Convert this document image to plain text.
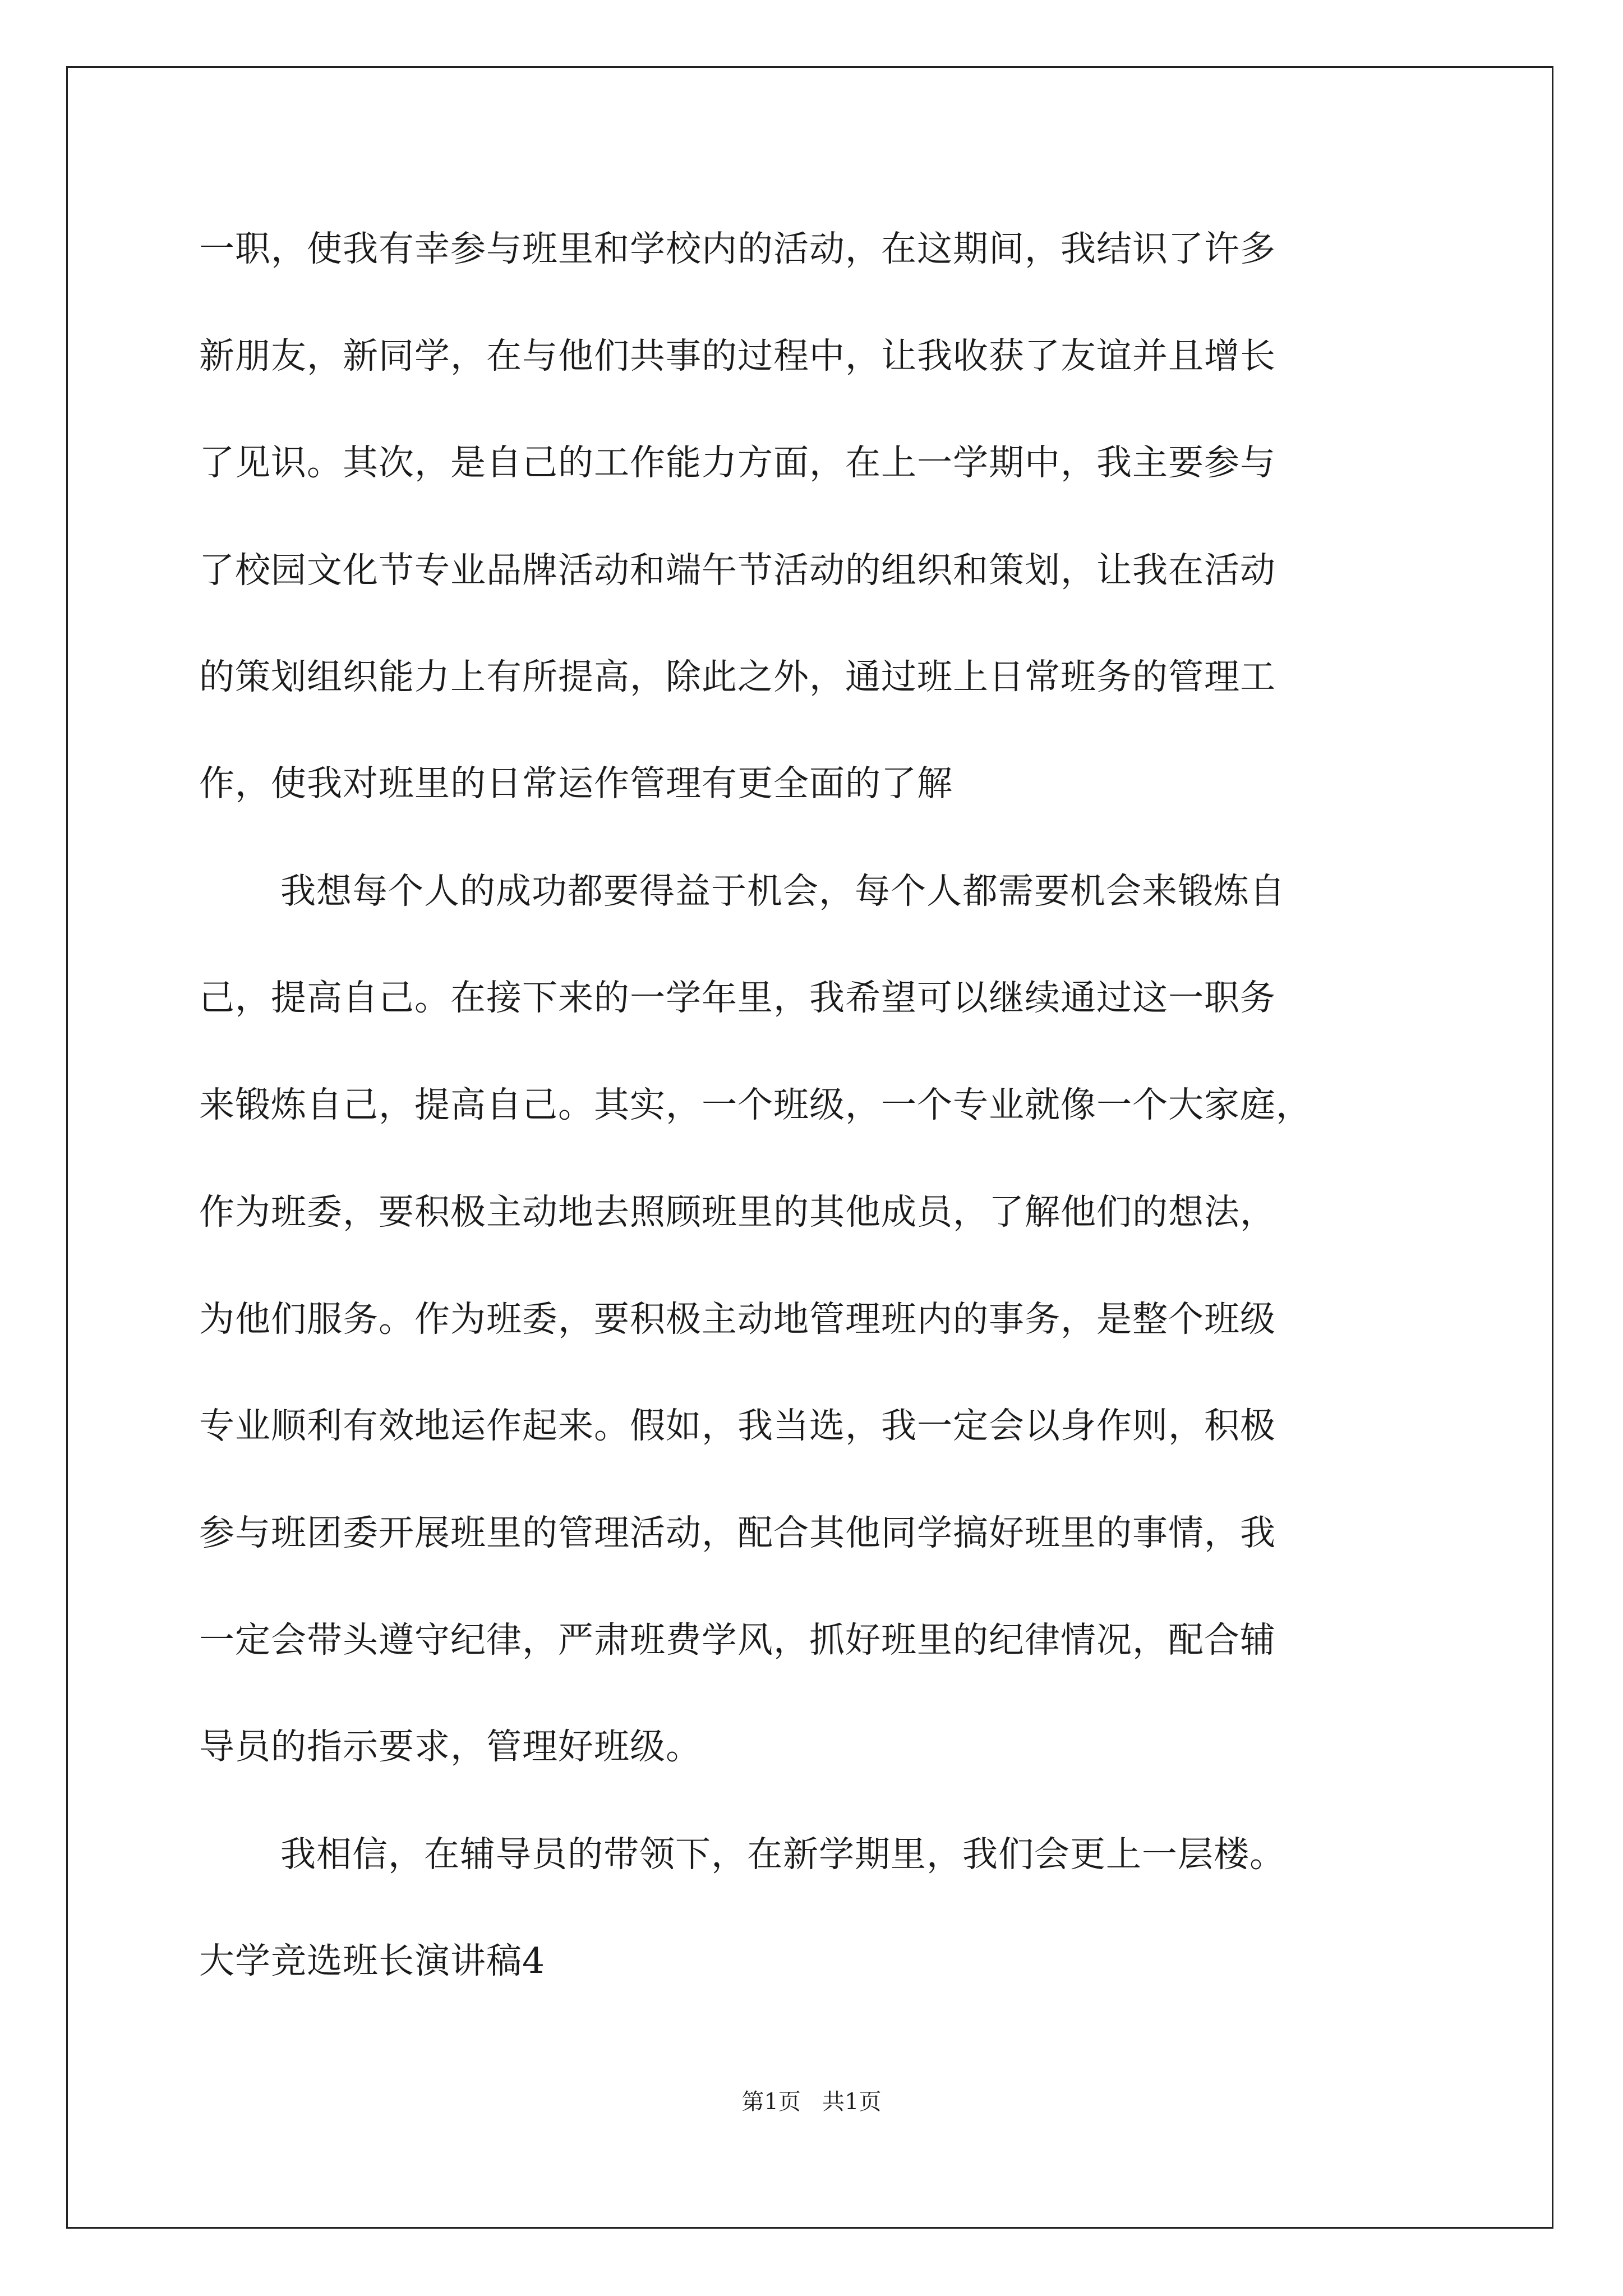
一职，使我有幸参与班里和学校内的活动，在这期间，我结识了许多
新朋友，新同学，在与他们共事的过程中，让我收获了友谊并且增长
了见识。其次，是自己的工作能力方面，在上一学期中，我主要参与
了校园文化节专业品牌活动和端午节活动的组织和策划，让我在活动
的策划组织能力上有所提高，除此之外，通过班上日常班务的管理工
作，使我对班里的日常运作管理有更全面的了解
我想每个人的成功都要得益于机会，每个人都需要机会来锻炼自
己，提高自己。在接下来的一学年里，我希望可以继续通过这一职务
来锻炼自己，提高自己。其实，一个班级，一个专业就像一个大家庭，
作为班委，要积极主动地去照顾班里的其他成员，了解他们的想法，
为他们服务。作为班委，要积极主动地管理班内的事务，是整个班级
专业顺利有效地运作起来。假如，我当选，我一定会以身作则，积极
参与班团委开展班里的管理活动，配合其他同学搞好班里的事情，我
一定会带头遵守纪律，严肃班费学风，抓好班里的纪律情况，配合辅
导员的指示要求，管理好班级。
我相信，在辅导员的带领下，在新学期里，我们会更上一层楼。
大学竞选班长演讲稿4
第1页   共1页
